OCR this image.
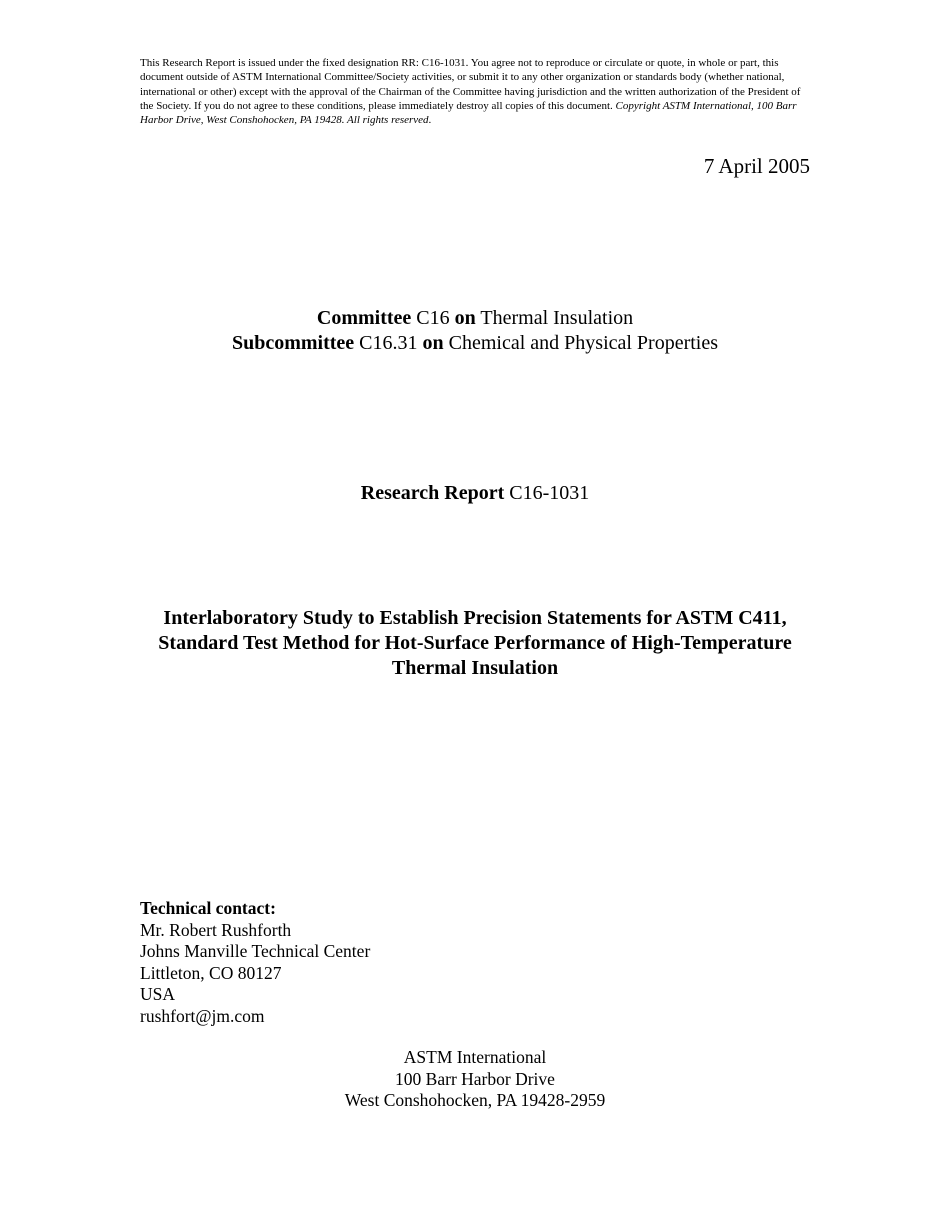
This Research Report is issued under the fixed designation RR: C16-1031. You agree not to reproduce or circulate or quote, in whole or part, this document outside of ASTM International Committee/Society activities, or submit it to any other organization or standards body (whether national, international or other) except with the approval of the Chairman of the Committee having jurisdiction and the written authorization of the President of the Society. If you do not agree to these conditions, please immediately destroy all copies of this document. Copyright ASTM International, 100 Barr Harbor Drive, West Conshohocken, PA 19428. All rights reserved.
7 April 2005
Committee C16 on Thermal Insulation
Subcommittee C16.31 on Chemical and Physical Properties
Research Report C16-1031
Interlaboratory Study to Establish Precision Statements for ASTM C411, Standard Test Method for Hot-Surface Performance of High-Temperature Thermal Insulation
Technical contact:
Mr. Robert Rushforth
Johns Manville Technical Center
Littleton, CO 80127
USA
rushfort@jm.com
ASTM International
100 Barr Harbor Drive
West Conshohocken, PA 19428-2959
